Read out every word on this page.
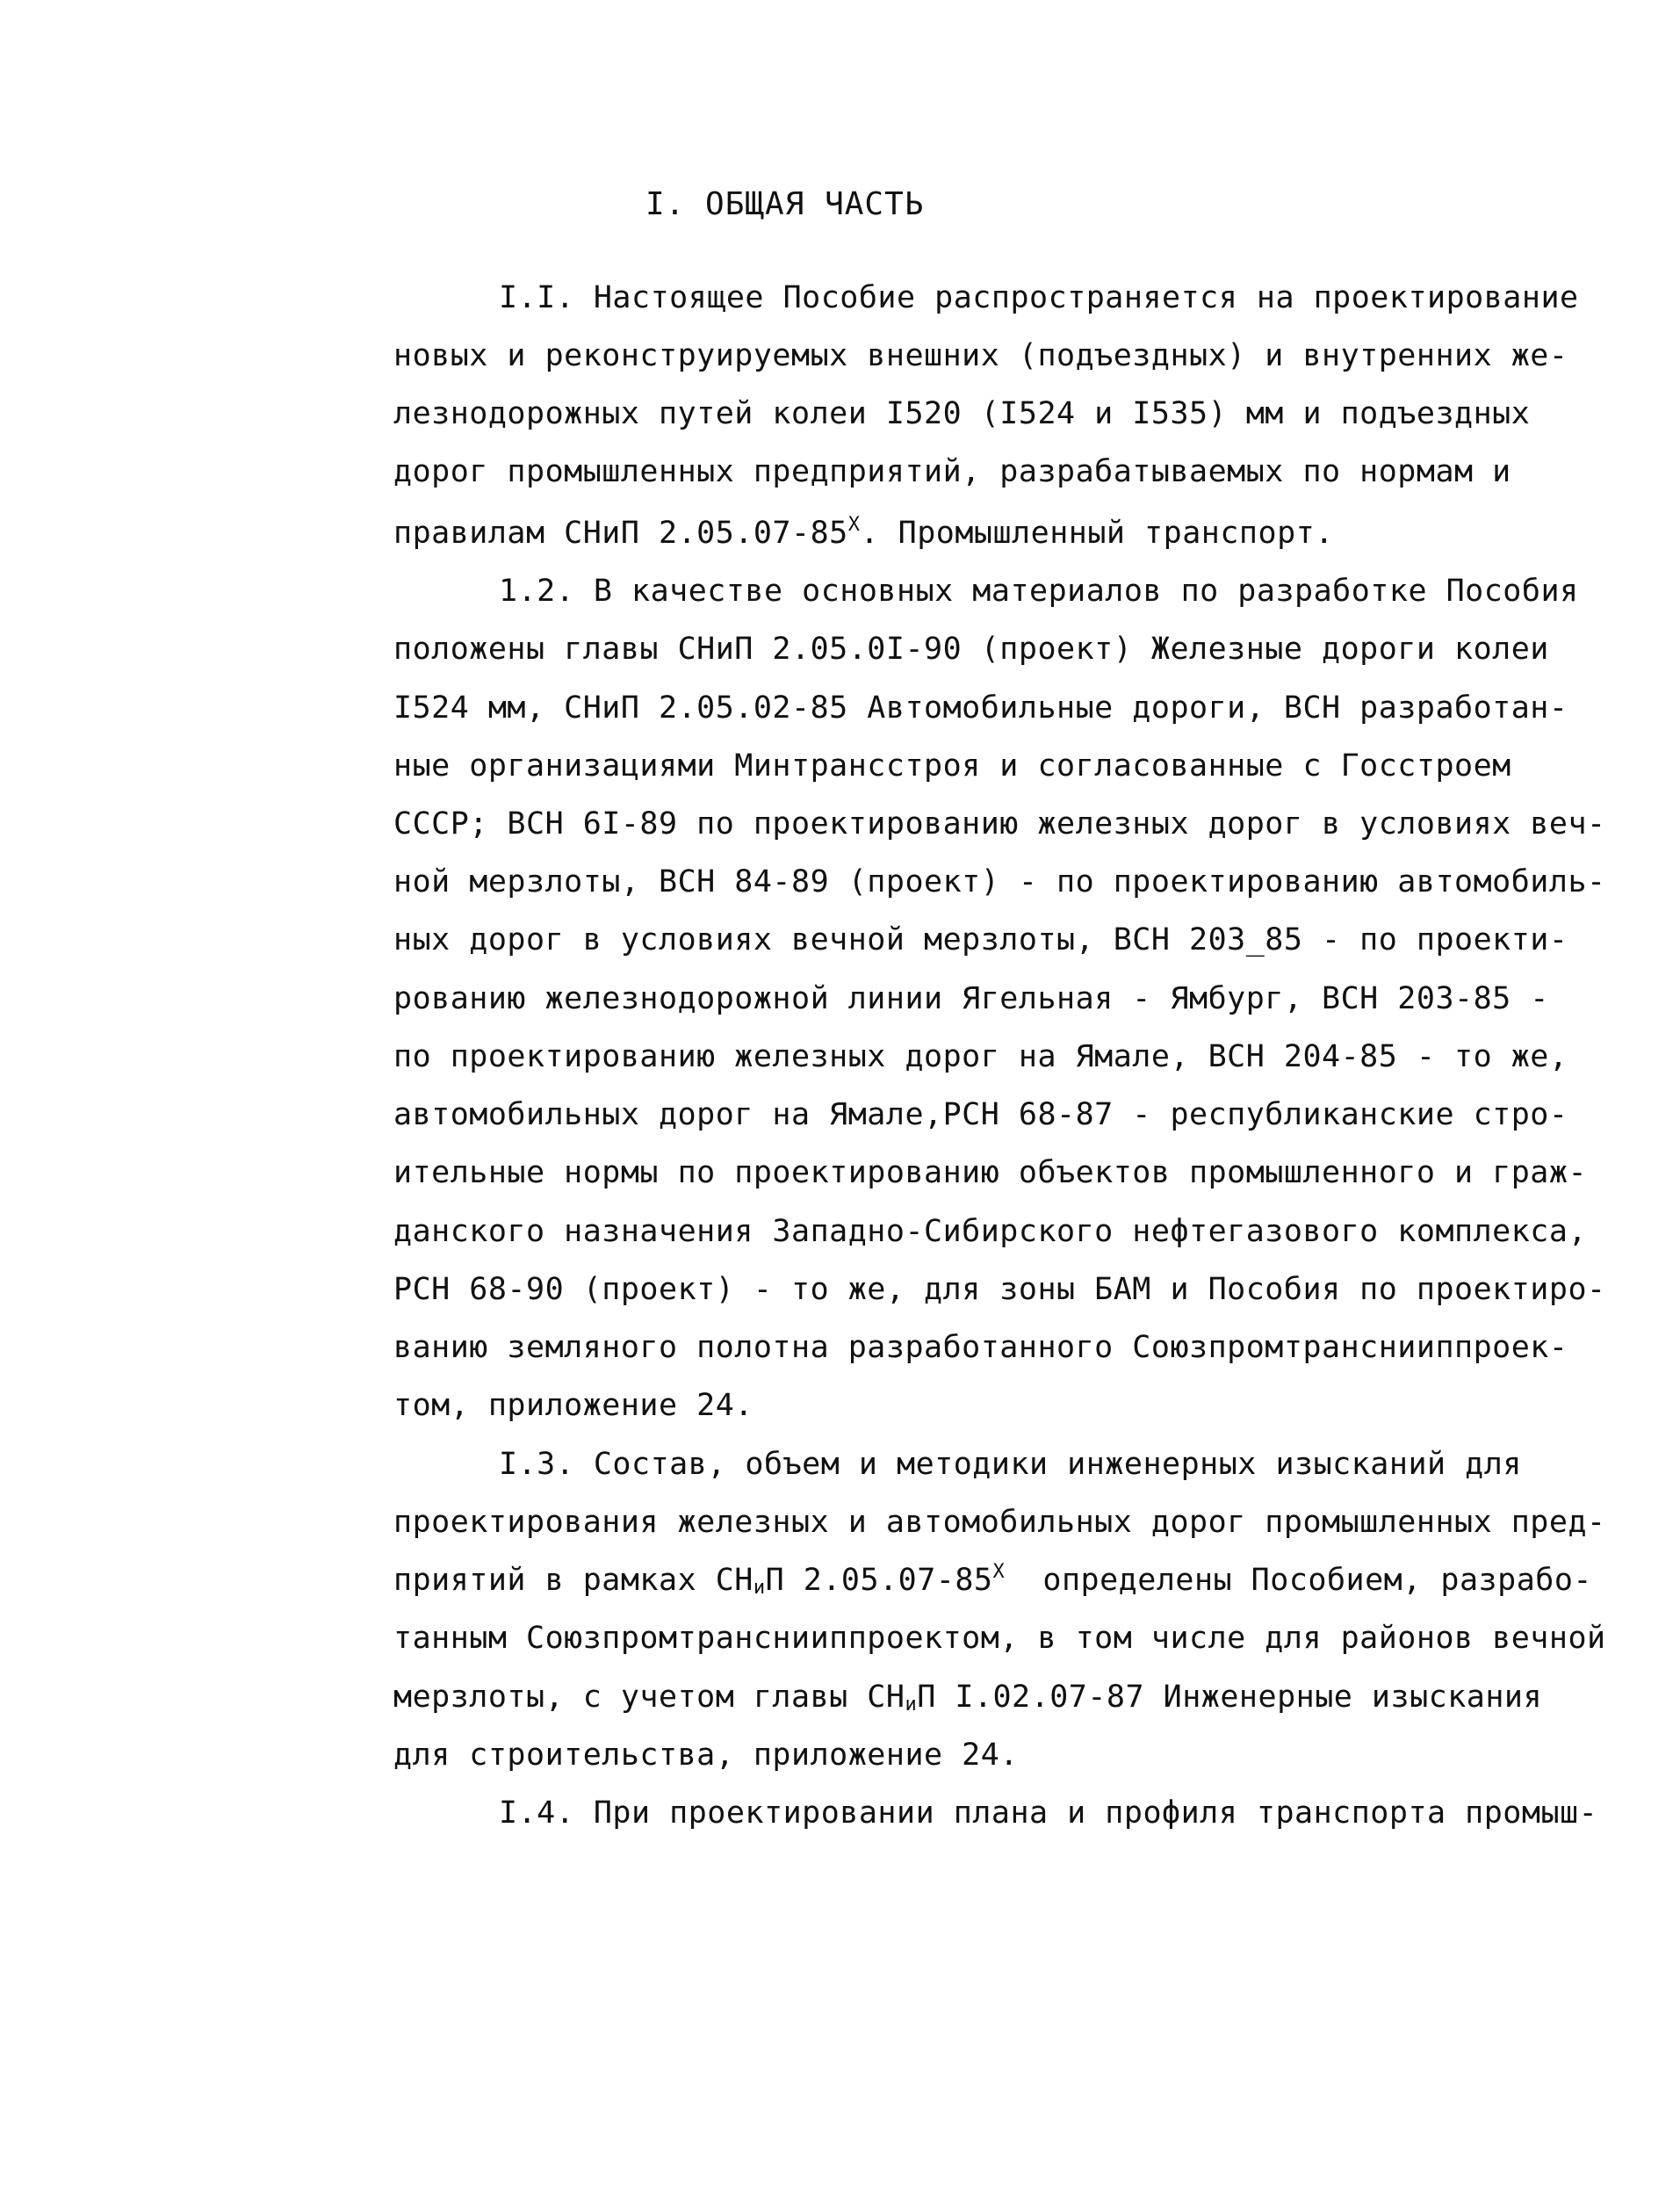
I. ОБЩАЯ ЧАСТЬ
I.I. Настоящее Пособие распространяется на проектирование
новых и реконструируемых внешних (подъездных) и внутренних же-
лезнодорожных путей колеи I520 (I524 и I535) мм и подъездных
дорог промышленных предприятий, разрабатываемых по нормам и
правилам СНиП $2.05.07-85^X$. Промышленный транспорт.
1.2. В качестве основных материалов по разработке Пособия
положены главы СНиП 2.05.0I-90 (проект) Железные дороги колеи
I524 мм, СНиП 2.05.02-85 Автомобильные дороги, ВСН разработан-
ные организациями Минтрансстроя и согласованные с Госстроем
СССР; ВСН 6I-89 по проектированию железных дорог в условиях веч-
ной мерзлоты, ВСН 84-89 (проект) - по проектированию автомобиль-
ных дорог в условиях вечной мерзлоты, ВСН 203_85 - по проекти-
рованию железнодорожной линии Ягельная - Ямбург, ВСН 203-85 -
по проектированию железных дорог на Ямале, ВСН 204-85 - то же,
автомобильных дорог на Ямале,РСН 68-87 - республиканские стро-
ительные нормы по проектированию объектов промышленного и граж-
данского назначения Западно-Сибирского нефтегазового комплекса,
РСН 68-90 (проект) - то же, для зоны БАМ и Пособия по проектиро-
ванию земляного полотна разработанного Союзпромтранснииппроек-
том, приложение 24.
I.3. Состав, объем и методики инженерных изысканий для
проектирования железных и автомобильных дорог промышленных пред-
приятий в рамках $СН_иП$ $2.05.07-85^X$  определены Пособием, разрабо-
танным Союзпромтранснииппроектом, в том числе для районов вечной
мерзлоты, с учетом главы $СН_иП$ I.02.07-87 Инженерные изыскания
для строительства, приложение 24.
I.4. При проектировании плана и профиля транспорта промыш-
